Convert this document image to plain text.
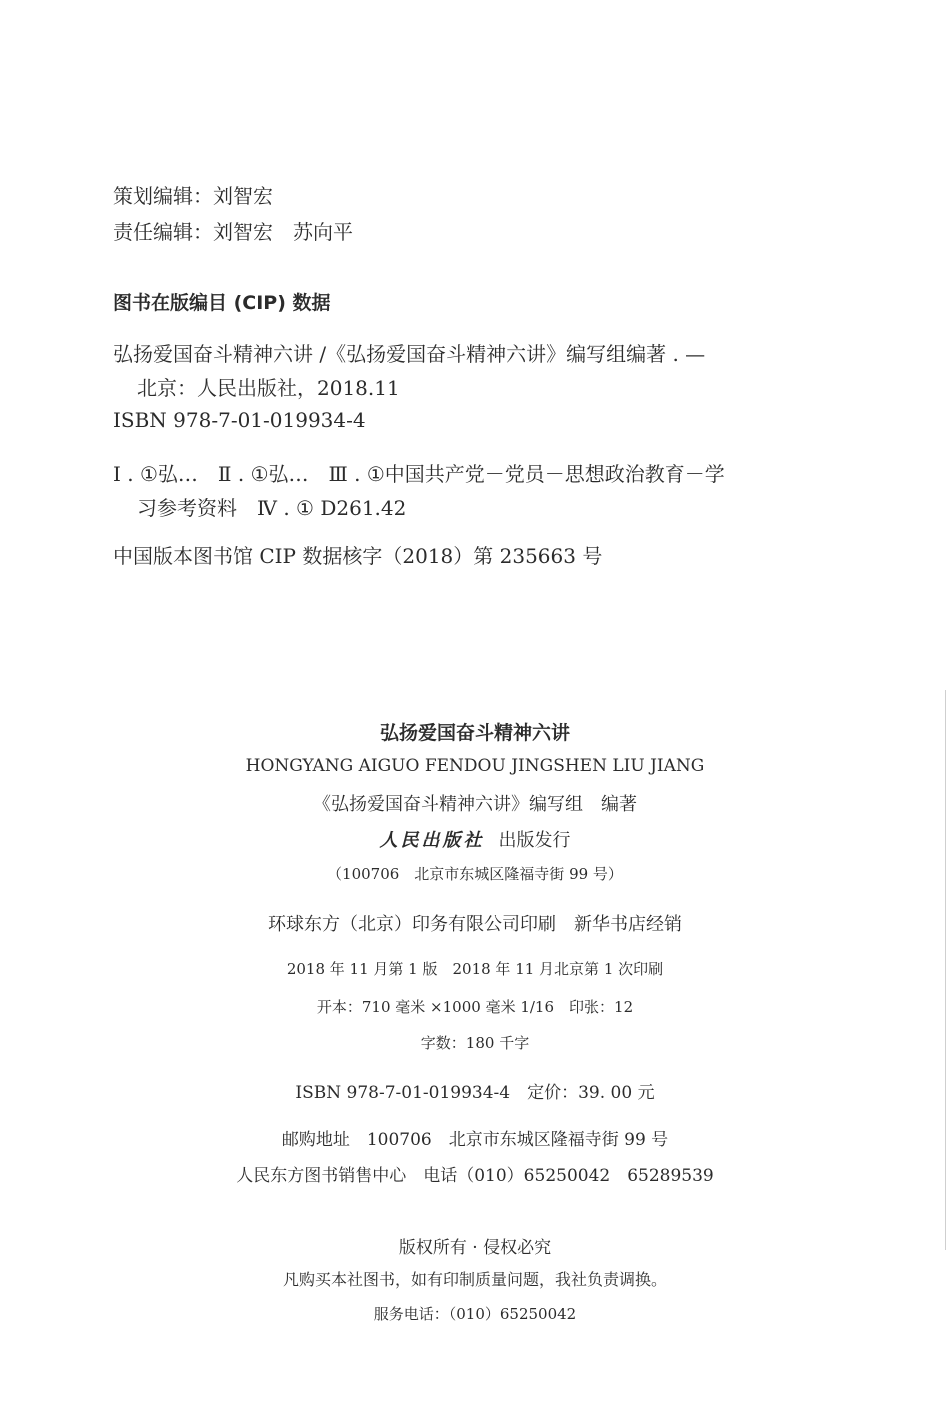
策划编辑：刘智宏
责任编辑：刘智宏　苏向平
图书在版编目 (CIP) 数据
弘扬爱国奋斗精神六讲 /《弘扬爱国奋斗精神六讲》编写组编著 . —
北京：人民出版社，2018.11
ISBN 978-7-01-019934-4
Ⅰ . ①弘…　Ⅱ . ①弘…　Ⅲ . ①中国共产党－党员－思想政治教育－学
习参考资料　Ⅳ . ① D261.42
中国版本图书馆 CIP 数据核字（2018）第 235663 号
弘扬爱国奋斗精神六讲
HONGYANG AIGUO FENDOU JINGSHEN LIU JIANG
《弘扬爱国奋斗精神六讲》编写组　编著
人民出版社 出版发行
（100706　北京市东城区隆福寺街 99 号）
环球东方（北京）印务有限公司印刷　新华书店经销
2018 年 11 月第 1 版　2018 年 11 月北京第 1 次印刷
开本：710 毫米 ×1000 毫米 1/16　印张：12
字数：180 千字
ISBN 978-7-01-019934-4　定价：39. 00 元
邮购地址　100706　北京市东城区隆福寺街 99 号
人民东方图书销售中心　电话（010）65250042　65289539
版权所有 · 侵权必究
凡购买本社图书，如有印制质量问题，我社负责调换。
服务电话：（010）65250042
